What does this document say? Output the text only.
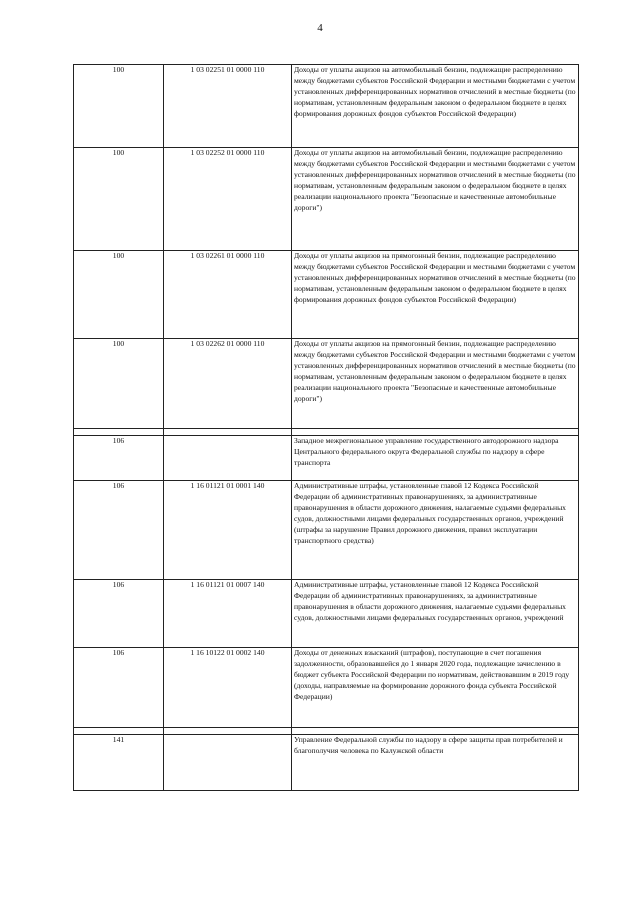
4
100	1 03 02251 01 0000 110	Доходы от уплаты акцизов на автомобильный бензин, подлежащие распределению между бюджетами субъектов Российской Федерации и местными бюджетами с учетом установленных дифференцированных нормативов отчислений в местные бюджеты (по нормативам, установленным федеральным законом о федеральном бюджете в целях формирования дорожных фондов субъектов Российской Федерации)
100	1 03 02252 01 0000 110	Доходы от уплаты акцизов на автомобильный бензин, подлежащие распределению между бюджетами субъектов Российской Федерации и местными бюджетами с учетом установленных дифференцированных нормативов отчислений в местные бюджеты (по нормативам, установленным федеральным законом о федеральном бюджете в целях реализации национального проекта "Безопасные и качественные автомобильные дороги")
100	1 03 02261 01 0000 110	Доходы от уплаты акцизов на прямогонный бензин, подлежащие распределению между бюджетами субъектов Российской Федерации и местными бюджетами с учетом установленных дифференцированных нормативов отчислений в местные бюджеты (по нормативам, установленным федеральным законом о федеральном бюджете в целях формирования дорожных фондов субъектов Российской Федерации)
100	1 03 02262 01 0000 110	Доходы от уплаты акцизов на прямогонный бензин, подлежащие распределению между бюджетами субъектов Российской Федерации и местными бюджетами с учетом установленных дифференцированных нормативов отчислений в местные бюджеты (по нормативам, установленным федеральным законом о федеральном бюджете в целях реализации национального проекта "Безопасные и качественные автомобильные дороги")

106		Западное межрегиональное управление государственного автодорожного надзора Центрального федерального округа Федеральной службы по надзору в сфере транспорта
106	1 16 01121 01 0001 140	Административные штрафы, установленные главой 12 Кодекса Российской Федерации об административных правонарушениях, за административные правонарушения в области дорожного движения, налагаемые судьями федеральных судов, должностными лицами федеральных государственных органов, учреждений (штрафы за нарушение Правил дорожного движения, правил эксплуатации транспортного средства)
106	1 16 01121 01 0007 140	Административные штрафы, установленные главой 12 Кодекса Российской Федерации об административных правонарушениях, за административные правонарушения в области дорожного движения, налагаемые судьями федеральных судов, должностными лицами федеральных государственных органов, учреждений
106	1 16 10122 01 0002 140	Доходы от денежных взысканий (штрафов), поступающие в счет погашения задолженности, образовавшейся до 1 января 2020 года, подлежащие зачислению в бюджет субъекта Российской Федерации по нормативам, действовавшим в 2019 году (доходы, направляемые на формирование дорожного фонда субъекта Российской Федерации)

141		Управление Федеральной службы по надзору в сфере защиты прав потребителей и благополучия человека по Калужской области
